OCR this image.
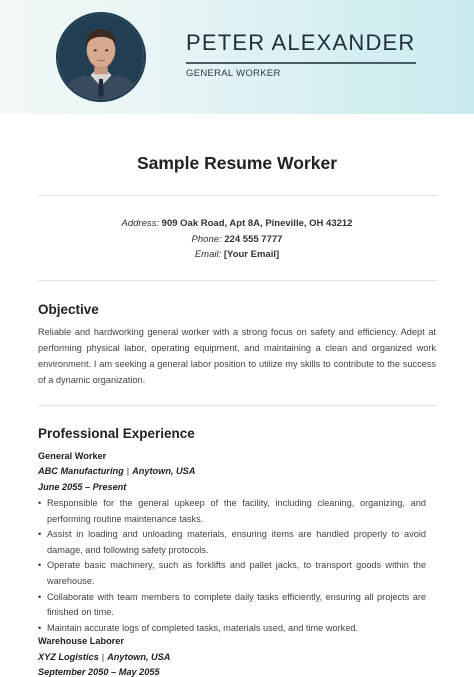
PETER ALEXANDER
GENERAL WORKER
Sample Resume Worker
Address: 909 Oak Road, Apt 8A, Pineville, OH 43212
Phone: 224 555 7777
Email: [Your Email]
Objective

Reliable and hardworking general worker with a strong focus on safety and efficiency. Adept at performing physical labor, operating equipment, and maintaining a clean and organized work environment. I am seeking a general labor position to utilize my skills to contribute to the success of a dynamic organization.

Professional Experience
General Worker
ABC Manufacturing | Anytown, USA
June 2055 – Present
• Responsible for the general upkeep of the facility, including cleaning, organizing, and performing routine maintenance tasks.
• Assist in loading and unloading materials, ensuring items are handled properly to avoid damage, and following safety protocols.
• Operate basic machinery, such as forklifts and pallet jacks, to transport goods within the warehouse.
• Collaborate with team members to complete daily tasks efficiently, ensuring all projects are finished on time.
• Maintain accurate logs of completed tasks, materials used, and time worked.
Warehouse Laborer
XYZ Logistics | Anytown, USA
September 2050 – May 2055
